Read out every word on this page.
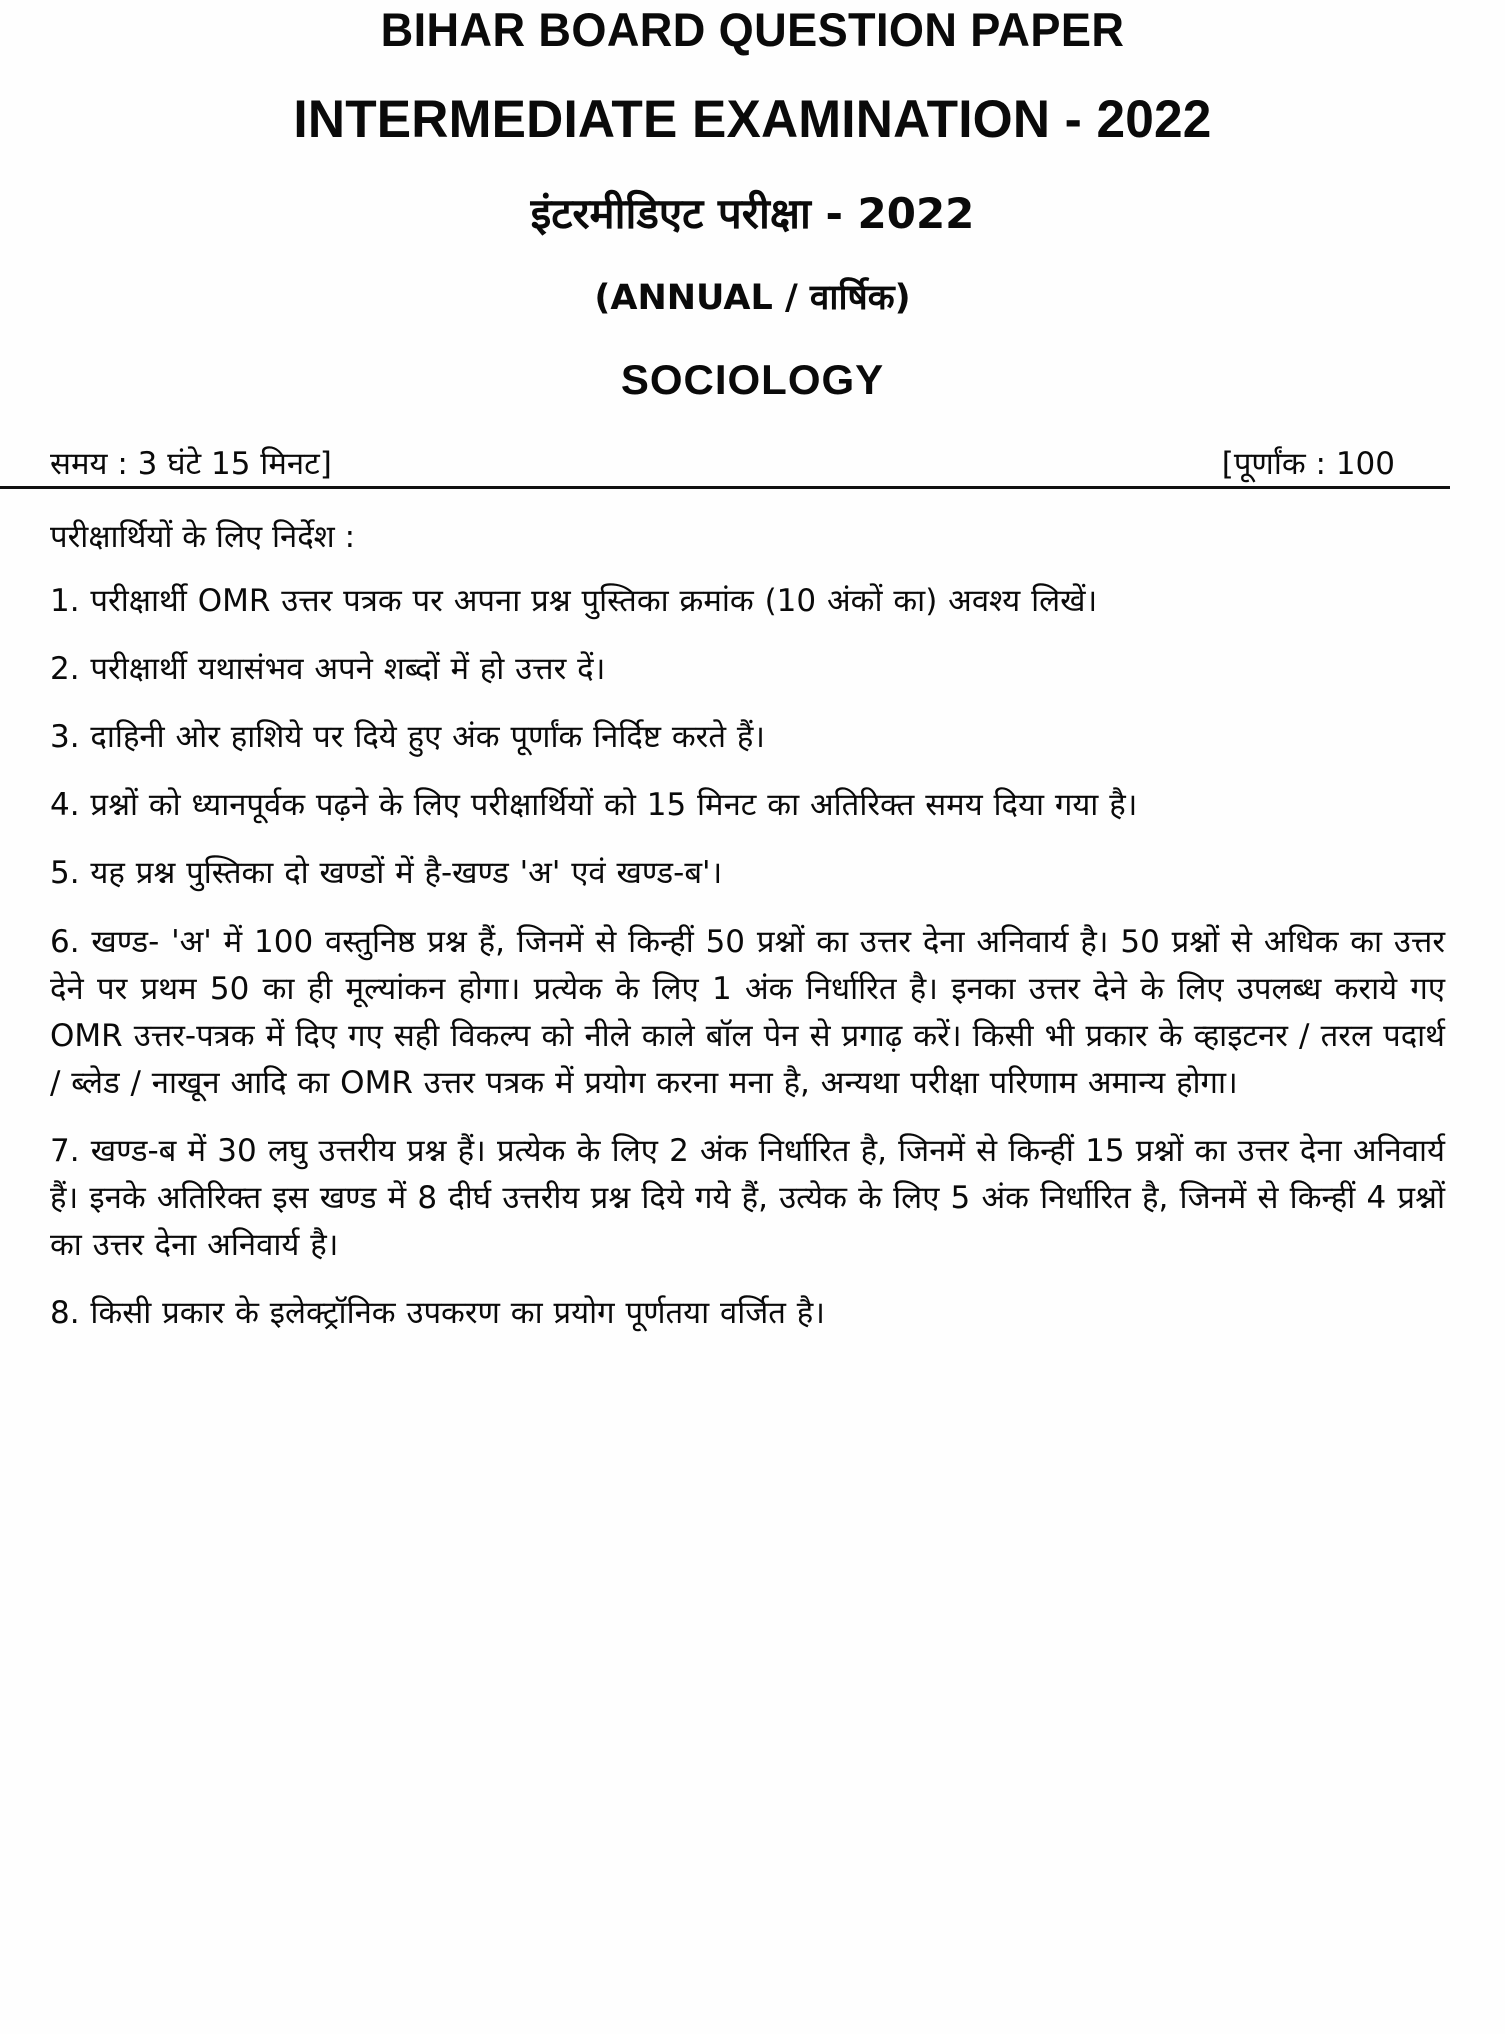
BIHAR BOARD QUESTION PAPER
INTERMEDIATE EXAMINATION - 2022
इंटरमीडिएट परीक्षा - 2022
(ANNUAL / वार्षिक)
SOCIOLOGY
समय : 3 घंटे 15 मिनट]	[पूर्णांक : 100
परीक्षार्थियों के लिए निर्देश :
1. परीक्षार्थी OMR उत्तर पत्रक पर अपना प्रश्न पुस्तिका क्रमांक (10 अंकों का) अवश्य लिखें।
2. परीक्षार्थी यथासंभव अपने शब्दों में हो उत्तर दें।
3. दाहिनी ओर हाशिये पर दिये हुए अंक पूर्णांक निर्दिष्ट करते हैं।
4. प्रश्नों को ध्यानपूर्वक पढ़ने के लिए परीक्षार्थियों को 15 मिनट का अतिरिक्त समय दिया गया है।
5. यह प्रश्न पुस्तिका दो खण्डों में है-खण्ड 'अ' एवं खण्ड-ब'।
6. खण्ड- 'अ' में 100 वस्तुनिष्ठ प्रश्न हैं, जिनमें से किन्हीं 50 प्रश्नों का उत्तर देना अनिवार्य है। 50 प्रश्नों से अधिक का उत्तर देने पर प्रथम 50 का ही मूल्यांकन होगा। प्रत्येक के लिए 1 अंक निर्धारित है। इनका उत्तर देने के लिए उपलब्ध कराये गए OMR उत्तर-पत्रक में दिए गए सही विकल्प को नीले काले बॉल पेन से प्रगाढ़ करें। किसी भी प्रकार के व्हाइटनर / तरल पदार्थ / ब्लेड / नाखून आदि का OMR उत्तर पत्रक में प्रयोग करना मना है, अन्यथा परीक्षा परिणाम अमान्य होगा।
7. खण्ड-ब में 30 लघु उत्तरीय प्रश्न हैं। प्रत्येक के लिए 2 अंक निर्धारित है, जिनमें से किन्हीं 15 प्रश्नों का उत्तर देना अनिवार्य हैं। इनके अतिरिक्त इस खण्ड में 8 दीर्घ उत्तरीय प्रश्न दिये गये हैं, उत्येक के लिए 5 अंक निर्धारित है, जिनमें से किन्हीं 4 प्रश्नों का उत्तर देना अनिवार्य है।
8. किसी प्रकार के इलेक्ट्रॉनिक उपकरण का प्रयोग पूर्णतया वर्जित है।
